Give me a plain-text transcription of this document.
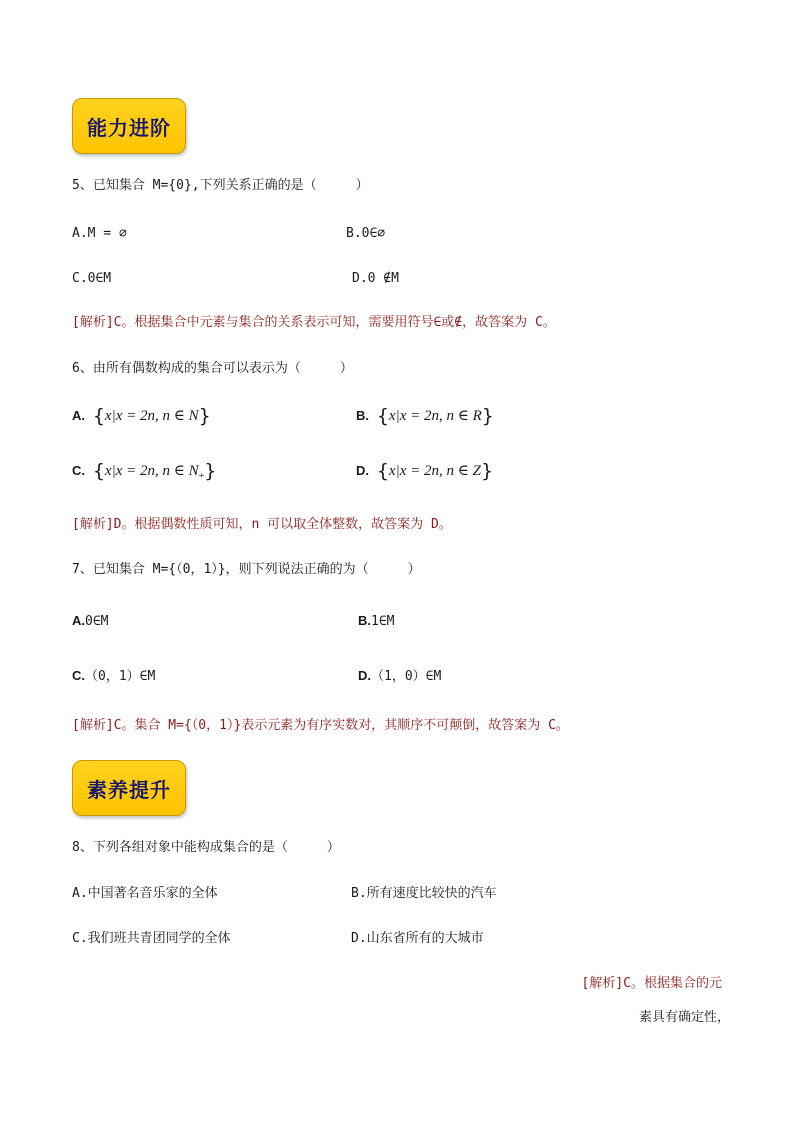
能力进阶
5、已知集合 M={0},下列关系正确的是（　　　）
A.M = ∅	B.0∈∅
C.0∈M	D.0 ∉M
[解析]C。根据集合中元素与集合的关系表示可知，需要用符号∈或∉，故答案为 C。
6、由所有偶数构成的集合可以表示为（　　　）
A. {x|x = 2n, n ∈ N}	B. {x|x = 2n, n ∈ R}
C. {x|x = 2n, n ∈ $N_+$}	D. {x|x = 2n, n ∈ Z}
[解析]D。根据偶数性质可知，n 可以取全体整数，故答案为 D。
7、已知集合 M={（0，1）}，则下列说法正确的为（　　　）
A.0∈M	B.1∈M
C.（0，1）∈M	D.（1，0）∈M
[解析]C。集合 M={（0，1）}表示元素为有序实数对，其顺序不可颠倒，故答案为 C。
素养提升
8、下列各组对象中能构成集合的是（　　　）
A.中国著名音乐家的全体	B.所有速度比较快的汽车
C.我们班共青团同学的全体	D.山东省所有的大城市
[解析]C。根据集合的元
素具有确定性，
